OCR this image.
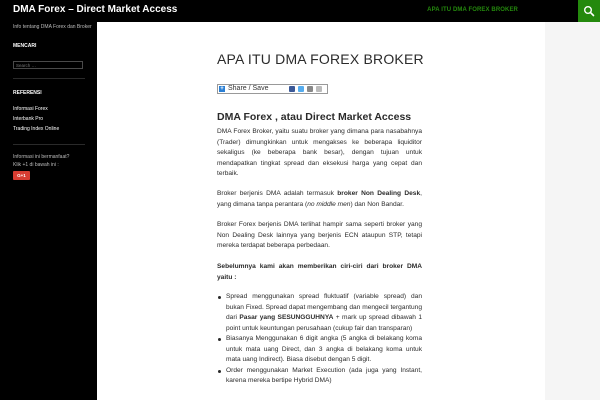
DMA Forex – Direct Market Access	APA ITU DMA FOREX BROKER
Info tentang DMA Forex dan Broker
MENCARI
Search …
REFERENSI
Informasi Forex
Interbank Pro
Trading Index Online
Informasi ini bermanfaat?
Klik +1 di bawah ini :
G+1
APA ITU DMA FOREX BROKER
+ Share / Save
DMA Forex , atau Direct Market Access

DMA Forex Broker, yaitu suatu broker yang dimana para nasabahnya (Trader) dimungkinkan untuk mengakses ke beberapa liquiditor sekaligus (ke beberapa bank besar), dengan tujuan untuk mendapatkan tingkat spread dan eksekusi harga yang cepat dan terbaik.

Broker berjenis DMA adalah termasuk broker Non Dealing Desk, yang dimana tanpa perantara (no middle men) dan Non Bandar.

Broker Forex berjenis DMA terlihat hampir sama seperti broker yang Non Dealing Desk lainnya yang berjenis ECN ataupun STP, tetapi mereka terdapat beberapa perbedaan.

Sebelumnya kami akan memberikan ciri-ciri dari broker DMA yaitu :

Spread menggunakan spread fluktuatif (variable spread) dan bukan Fixed. Spread dapat mengembang dan mengecil tergantung dari Pasar yang SESUNGGUHNYA + mark up spread dibawah 1 point untuk keuntungan perusahaan (cukup fair dan transparan)
Biasanya Menggunakan 6 digit angka (5 angka di belakang koma untuk mata uang Direct, dan 3 angka di belakang koma untuk mata uang Indirect). Biasa disebut dengan 5 digit.
Order menggunakan Market Execution (ada juga yang Instant, karena mereka bertipe Hybrid DMA)
